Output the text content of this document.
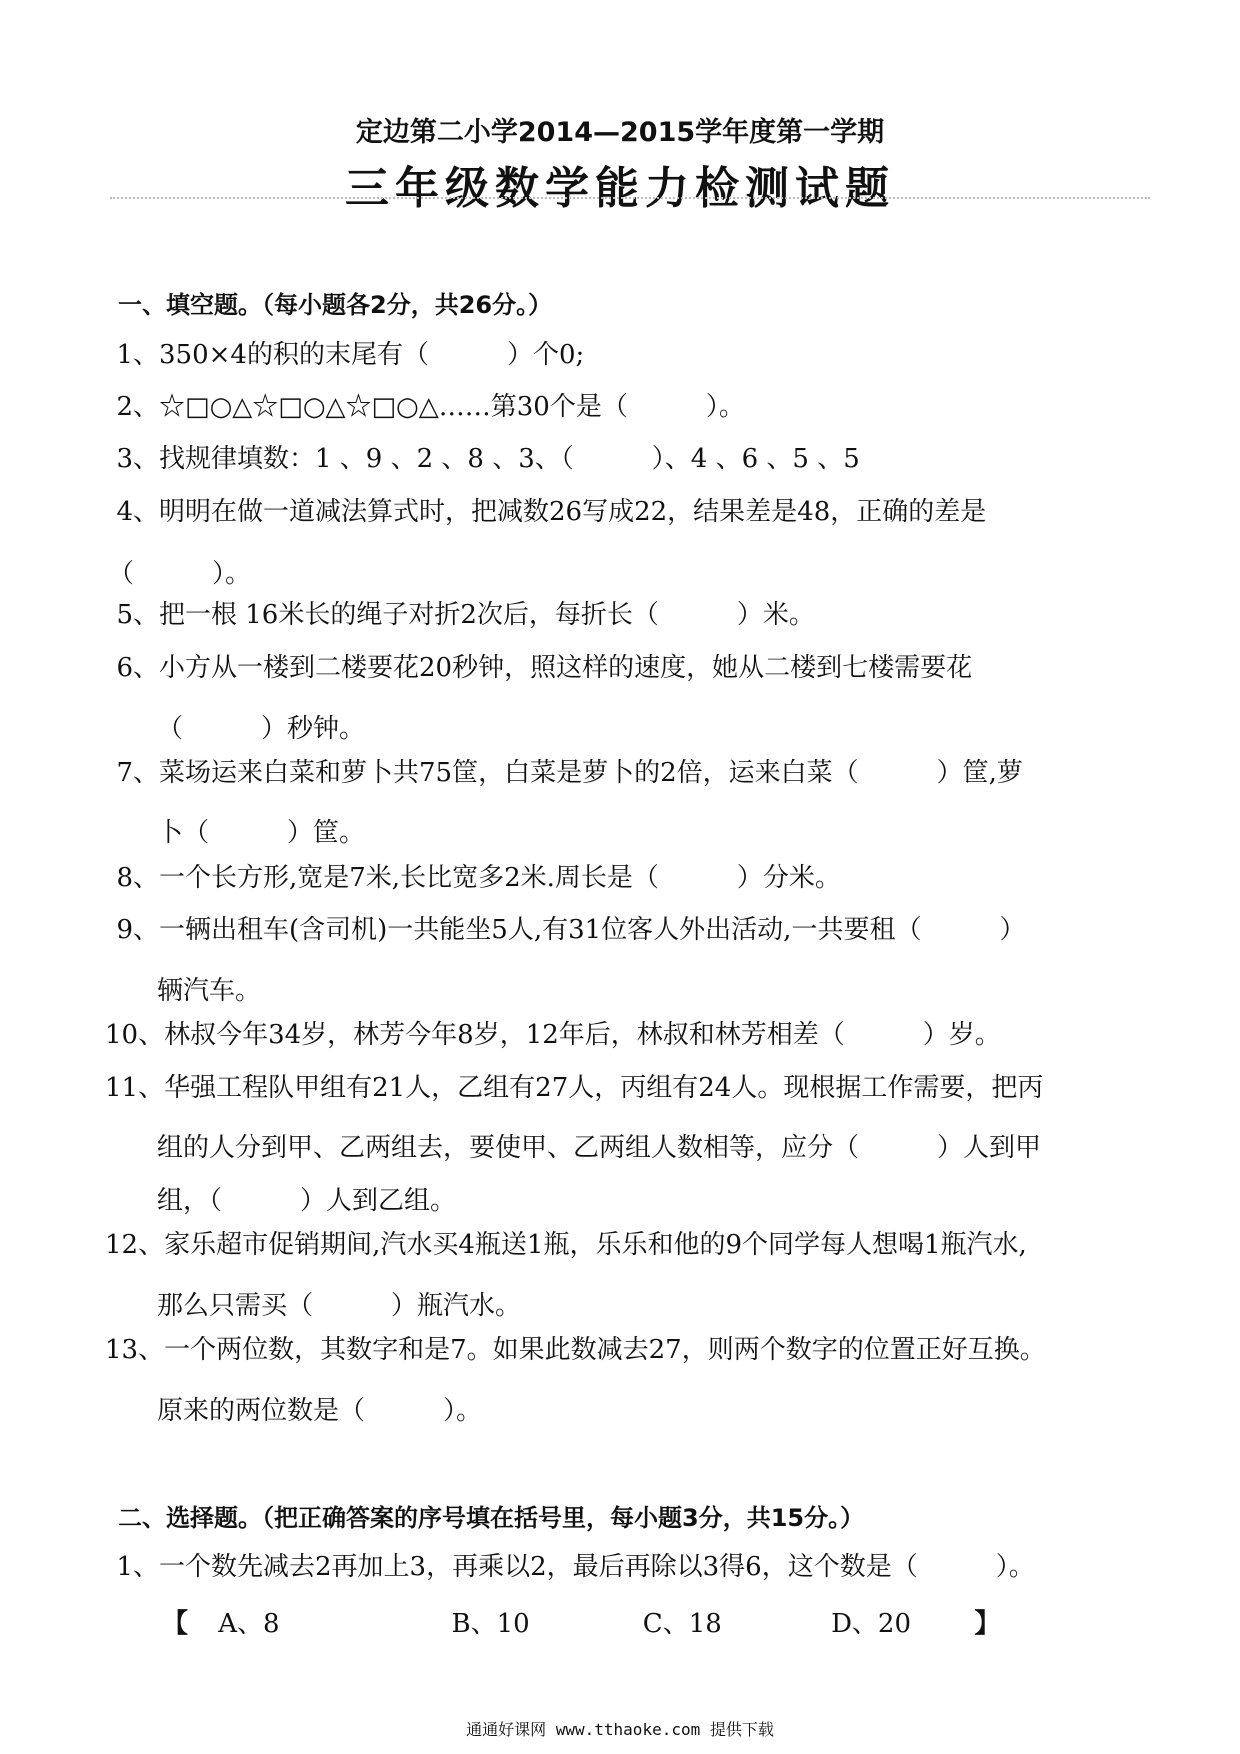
定边第二小学2014—2015学年度第一学期
三年级数学能力检测试题
一、填空题。（每小题各2分，共26分。）
1、350×4的积的末尾有（　　　）个0;
2、☆□○△☆□○△☆□○△……第30个是（　　　）。
3、找规律填数：1 、9 、2 、8 、3、（　　　）、4 、6 、5 、5
4、明明在做一道减法算式时，把减数26写成22，结果差是48，正确的差是
（　　　）。
5、把一根 16米长的绳子对折2次后，每折长（　　　）米。
6、小方从一楼到二楼要花20秒钟，照这样的速度，她从二楼到七楼需要花
（　　　）秒钟。
7、菜场运来白菜和萝卜共75筐，白菜是萝卜的2倍，运来白菜（　　　）筐,萝
卜（　　　）筐。
8、一个长方形,宽是7米,长比宽多2米.周长是（　　　）分米。
9、一辆出租车(含司机)一共能坐5人,有31位客人外出活动,一共要租（　　　）
辆汽车。
10、林叔今年34岁，林芳今年8岁，12年后，林叔和林芳相差（　　　）岁。
11、华强工程队甲组有21人，乙组有27人，丙组有24人。现根据工作需要，把丙
组的人分到甲、乙两组去，要使甲、乙两组人数相等，应分（　　　）人到甲
组，（　　　）人到乙组。
12、家乐超市促销期间,汽水买4瓶送1瓶，乐乐和他的9个同学每人想喝1瓶汽水,
那么只需买（　　　）瓶汽水。
13、一个两位数，其数字和是7。如果此数减去27，则两个数字的位置正好互换。
原来的两位数是（　　　）。
二、选择题。（把正确答案的序号填在括号里，每小题3分，共15分。）
1、一个数先减去2再加上3，再乘以2，最后再除以3得6，这个数是（　　　）。
【 A、8	B、10	C、18	D、20 】
通通好课网 www.tthaoke.com 提供下载
